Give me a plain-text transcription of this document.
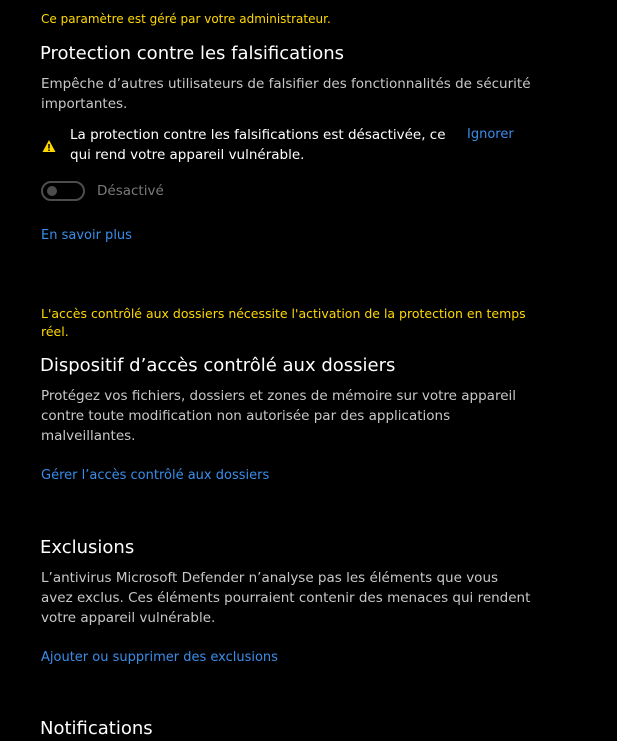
Ce paramètre est géré par votre administrateur.
Protection contre les falsifications
Empêche d’autres utilisateurs de falsifier des fonctionnalités de sécurité importantes.
La protection contre les falsifications est désactivée, ce qui rend votre appareil vulnérable.
Ignorer
Désactivé
En savoir plus
L'accès contrôlé aux dossiers nécessite l'activation de la protection en temps réel.
Dispositif d’accès contrôlé aux dossiers
Protégez vos fichiers, dossiers et zones de mémoire sur votre appareil contre toute modification non autorisée par des applications malveillantes.
Gérer l’accès contrôlé aux dossiers
Exclusions
L’antivirus Microsoft Defender n’analyse pas les éléments que vous avez exclus. Ces éléments pourraient contenir des menaces qui rendent votre appareil vulnérable.
Ajouter ou supprimer des exclusions
Notifications
